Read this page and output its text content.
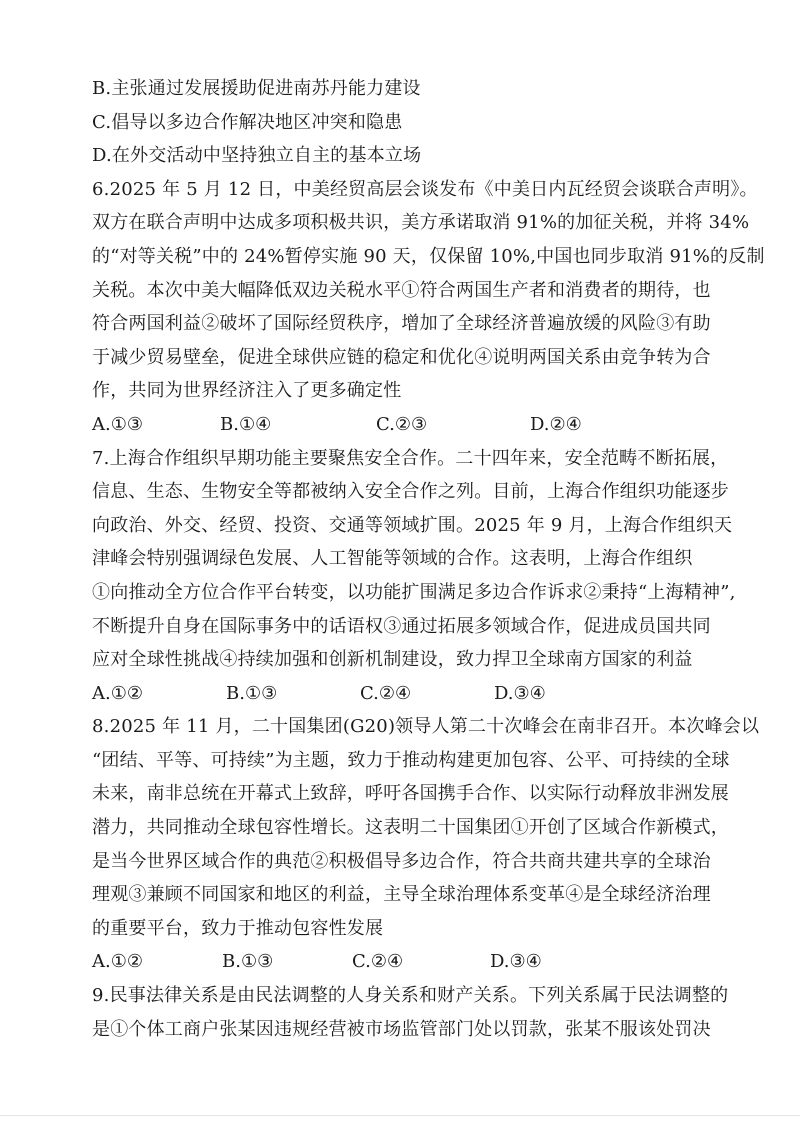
B.主张通过发展援助促进南苏丹能力建设
C.倡导以多边合作解决地区冲突和隐患
D.在外交活动中坚持独立自主的基本立场
6.2025 年 5 月 12 日，中美经贸高层会谈发布《中美日内瓦经贸会谈联合声明》。
双方在联合声明中达成多项积极共识，美方承诺取消 91%的加征关税，并将 34%
的“对等关税”中的 24%暂停实施 90 天，仅保留 10%,中国也同步取消 91%的反制
关税。本次中美大幅降低双边关税水平①符合两国生产者和消费者的期待，也
符合两国利益②破坏了国际经贸秩序，增加了全球经济普遍放缓的风险③有助
于减少贸易壁垒，促进全球供应链的稳定和优化④说明两国关系由竞争转为合
作，共同为世界经济注入了更多确定性
A.①③	B.①④	C.②③	D.②④
7.上海合作组织早期功能主要聚焦安全合作。二十四年来，安全范畴不断拓展，
信息、生态、生物安全等都被纳入安全合作之列。目前，上海合作组织功能逐步
向政治、外交、经贸、投资、交通等领域扩围。2025 年 9 月，上海合作组织天
津峰会特别强调绿色发展、人工智能等领域的合作。这表明，上海合作组织
①向推动全方位合作平台转变，以功能扩围满足多边合作诉求②秉持“上海精神”,
不断提升自身在国际事务中的话语权③通过拓展多领域合作，促进成员国共同
应对全球性挑战④持续加强和创新机制建设，致力捍卫全球南方国家的利益
A.①②	B.①③	C.②④	D.③④
8.2025 年 11 月，二十国集团(G20)领导人第二十次峰会在南非召开。本次峰会以
“团结、平等、可持续”为主题，致力于推动构建更加包容、公平、可持续的全球
未来，南非总统在开幕式上致辞，呼吁各国携手合作、以实际行动释放非洲发展
潜力，共同推动全球包容性增长。这表明二十国集团①开创了区域合作新模式，
是当今世界区域合作的典范②积极倡导多边合作，符合共商共建共享的全球治
理观③兼顾不同国家和地区的利益，主导全球治理体系变革④是全球经济治理
的重要平台，致力于推动包容性发展
A.①②	B.①③	C.②④	D.③④
9.民事法律关系是由民法调整的人身关系和财产关系。下列关系属于民法调整的
是①个体工商户张某因违规经营被市场监管部门处以罚款，张某不服该处罚决
